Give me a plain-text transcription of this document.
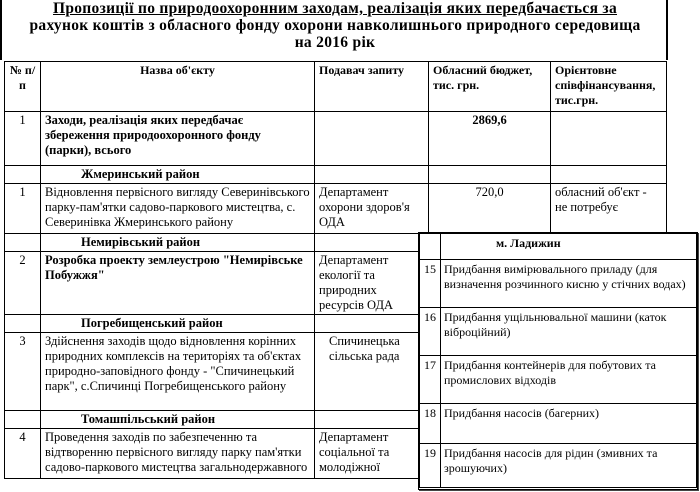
Пропозиції по природоохоронним заходам, реалізація яких передбачається за
рахунок коштів з обласного фонду охорони навколишнього природного середовища
на 2016 рік
№ п/п	Назва об'єкту	Подавач запиту	Обласний бюджет, тис. грн.	Орієнтовне співфінансування, тис.грн.
1	Заходи, реалізація яких передбачає збереження природоохоронного фонду (парки), всього		2869,6	
	Жмеринський район			
1	Відновлення первісного вигляду Северинівського парку-пам'ятки садово-паркового мистецтва, с. Северинівка Жмеринського району	Департамент охорони здоров'я ОДА	720,0	обласний об'єкт - не потребує
	Немирівський район			
2	Розробка проекту землеустрою "Немирівське Побужжя"	Департамент екології та природних ресурсів ОДА		
	Погребищенський район			
3	Здійснення заходів щодо відновлення корінних природних комплексів на територіях та об'єктах природно-заповідного фонду - "Спичинецький парк", с.Спичинці Погребищенського району	Спичинецька сільська рада		
	Томашпільський район			
4	Проведення заходів по забезпеченню та відтворенню первісного вигляду парку пам'ятки садово-паркового мистецтва загальнодержавного	Департамент соціальної та молодіжної		
	м. Ладижин
15	Придбання вимірювального приладу (для визначення розчинного кисню у стічних водах)
16	Придбання ущільнювальної машини (каток віброційний)
17	Придбання контейнерів для побутових та промислових відходів
18	Придбання насосів (багерних)
19	Придбання насосів для рідин (змивних та зрошуючих)
